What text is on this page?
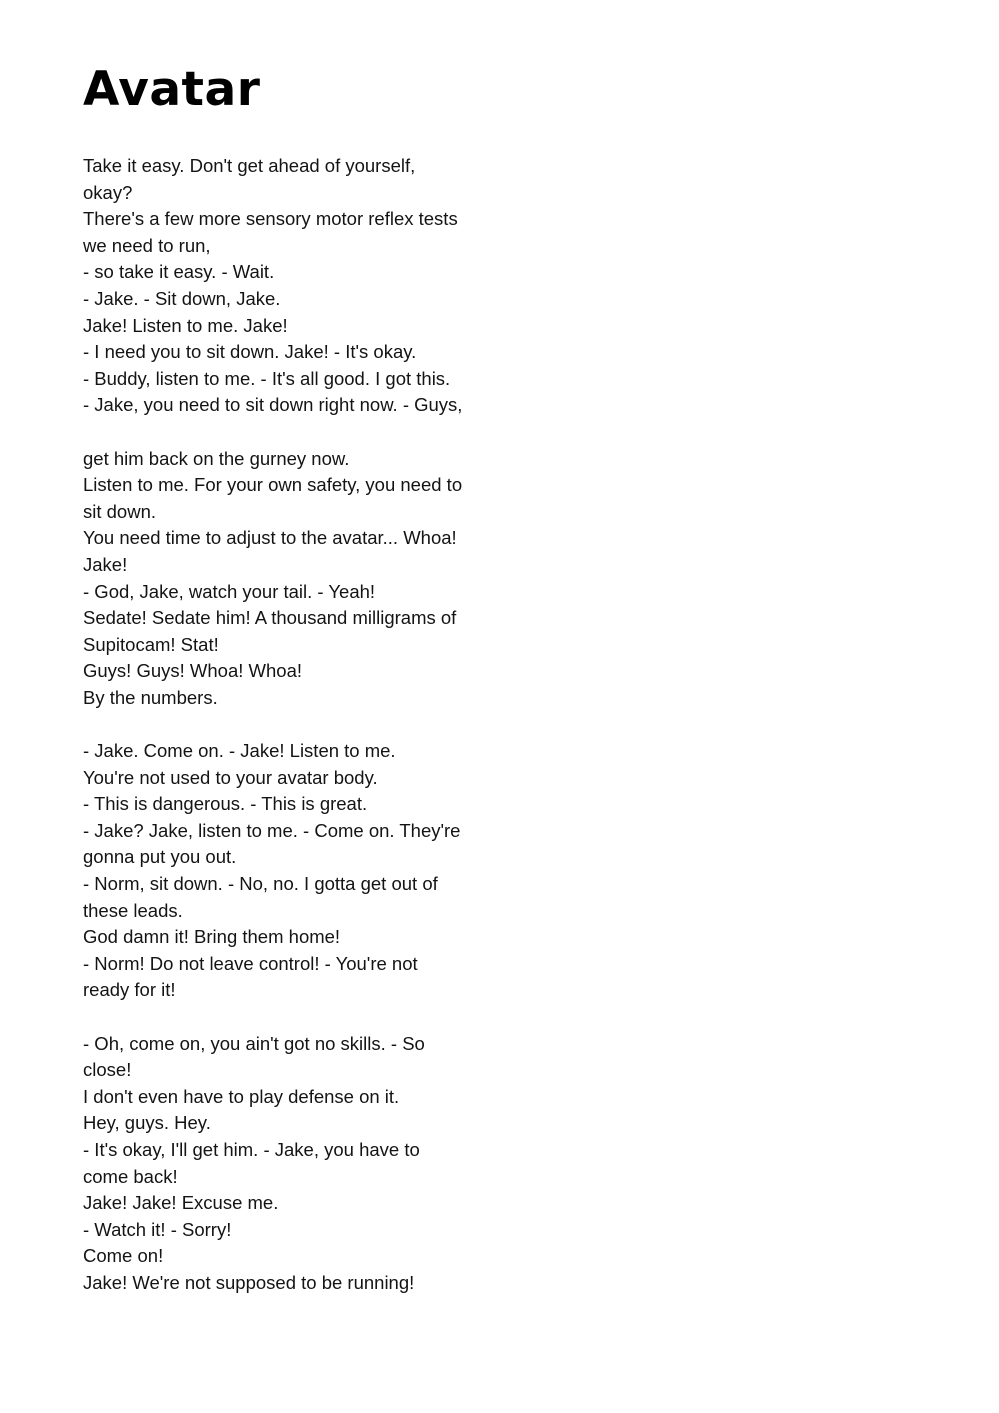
Avatar
Take it easy. Don't get ahead of yourself,
okay?
There's a few more sensory motor reflex tests
we need to run,
- so take it easy. - Wait.
- Jake. - Sit down, Jake.
Jake! Listen to me. Jake!
- I need you to sit down. Jake! - It's okay.
- Buddy, listen to me. - It's all good. I got this.
- Jake, you need to sit down right now. - Guys,
get him back on the gurney now.
Listen to me. For your own safety, you need to
sit down.
You need time to adjust to the avatar... Whoa!
Jake!
- God, Jake, watch your tail. - Yeah!
Sedate! Sedate him! A thousand milligrams of
Supitocam! Stat!
Guys! Guys! Whoa! Whoa!
By the numbers.
- Jake. Come on. - Jake! Listen to me.
You're not used to your avatar body.
- This is dangerous. - This is great.
- Jake? Jake, listen to me. - Come on. They're
gonna put you out.
- Norm, sit down. - No, no. I gotta get out of
these leads.
God damn it! Bring them home!
- Norm! Do not leave control! - You're not
ready for it!
- Oh, come on, you ain't got no skills. - So
close!
I don't even have to play defense on it.
Hey, guys. Hey.
- It's okay, I'll get him. - Jake, you have to
come back!
Jake! Jake! Excuse me.
- Watch it! - Sorry!
Come on!
Jake! We're not supposed to be running!
